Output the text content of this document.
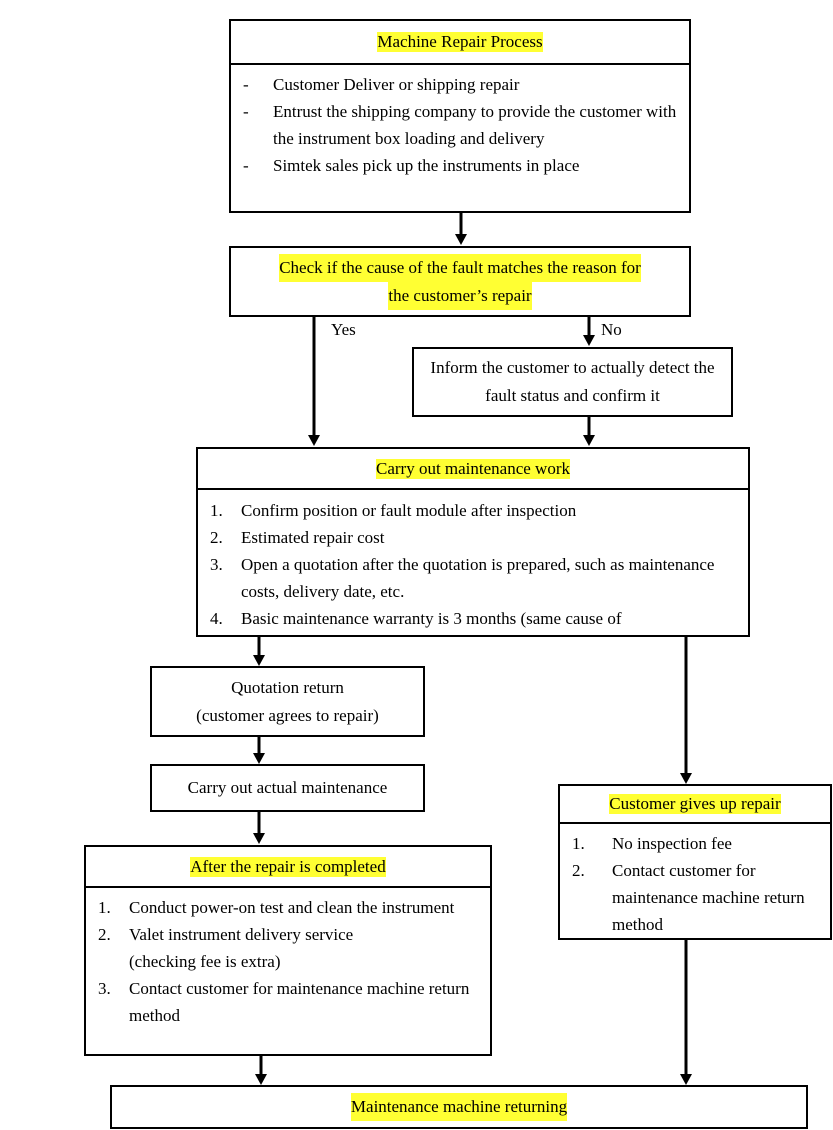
Machine Repair Process
- Customer Deliver or shipping repair
- Entrust the shipping company to provide the customer with the instrument box loading and delivery
- Simtek sales pick up the instruments in place
Check if the cause of the fault matches the reason for
the customer’s repair
Yes	No
Inform the customer to actually detect the fault status and confirm it
Carry out maintenance work
1. Confirm position or fault module after inspection
2. Estimated repair cost
3. Open a quotation after the quotation is prepared, such as maintenance costs, delivery date, etc.
4. Basic maintenance warranty is 3 months (same cause of
Quotation return
(customer agrees to repair)
Carry out actual maintenance
After the repair is completed
1. Conduct power-on test and clean the instrument
2. Valet instrument delivery service (checking fee is extra)
3. Contact customer for maintenance machine return method
Customer gives up repair
1. No inspection fee
2. Contact customer for maintenance machine return method
Maintenance machine returning
